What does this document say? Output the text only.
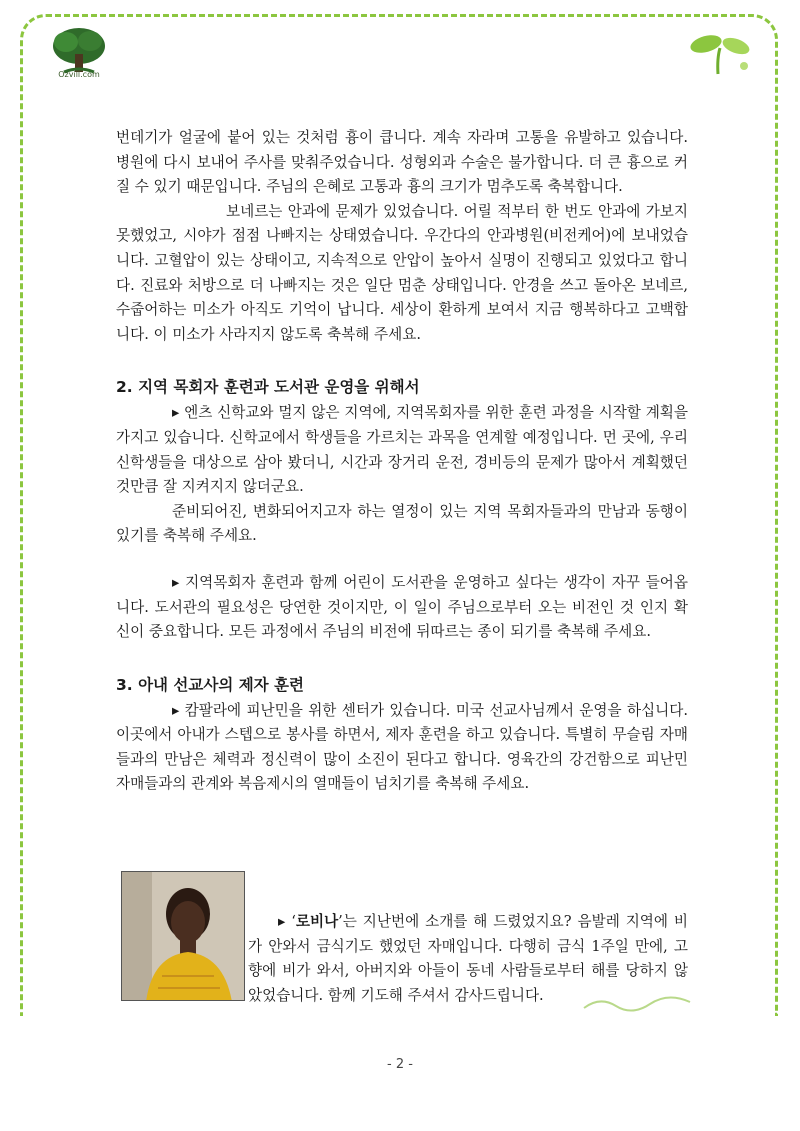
Ozvill.com

번데기가 얼굴에 붙어 있는 것처럼 흉이 큽니다. 계속 자라며 고통을 유발하고 있습니다. 병원에 다시 보내어 주사를 맞춰주었습니다. 성형외과 수술은 불가합니다. 더 큰 흉으로 커질 수 있기 때문입니다. 주님의 은혜로 고통과 흉의 크기가 멈추도록 축복합니다.

보네르는 안과에 문제가 있었습니다. 어릴 적부터 한 번도 안과에 가보지 못했었고, 시야가 점점 나빠지는 상태였습니다. 우간다의 안과병원(비전케어)에 보내었습니다. 고혈압이 있는 상태이고, 지속적으로 안압이 높아서 실명이 진행되고 있었다고 합니다. 진료와 처방으로 더 나빠지는 것은 일단 멈춘 상태입니다. 안경을 쓰고 돌아온 보네르, 수줍어하는 미소가 아직도 기억이 납니다. 세상이 환하게 보여서 지금 행복하다고 고백합니다. 이 미소가 사라지지 않도록 축복해 주세요.

2. 지역 목회자 훈련과 도서관 운영을 위해서

▸ 엔츠 신학교와 멀지 않은 지역에, 지역목회자를 위한 훈련 과정을 시작할 계획을 가지고 있습니다. 신학교에서 학생들을 가르치는 과목을 연계할 예정입니다. 먼 곳에, 우리 신학생들을 대상으로 삼아 봤더니, 시간과 장거리 운전, 경비등의 문제가 많아서 계획했던 것만큼 잘 지켜지지 않더군요.

준비되어진, 변화되어지고자 하는 열정이 있는 지역 목회자들과의 만남과 동행이 있기를 축복해 주세요.

▸ 지역목회자 훈련과 함께 어린이 도서관을 운영하고 싶다는 생각이 자꾸 들어옵니다. 도서관의 필요성은 당연한 것이지만, 이 일이 주님으로부터 오는 비전인 것 인지 확신이 중요합니다. 모든 과정에서 주님의 비전에 뒤따르는 종이 되기를 축복해 주세요.

3. 아내 선교사의 제자 훈련

▸ 캄팔라에 피난민을 위한 센터가 있습니다. 미국 선교사님께서 운영을 하십니다. 이곳에서 아내가 스텝으로 봉사를 하면서, 제자 훈련을 하고 있습니다. 특별히 무슬림 자매들과의 만남은 체력과 정신력이 많이 소진이 된다고 합니다. 영육간의 강건함으로 피난민 자매들과의 관계와 복음제시의 열매들이 넘치기를 축복해 주세요.

▸ ‘로비나’는 지난번에 소개를 해 드렸었지요? 음발레 지역에 비가 안와서 금식기도 했었던 자매입니다. 다행히 금식 1주일 만에, 고향에 비가 와서, 아버지와 아들이 동네 사람들로부터 해를 당하지 않았었습니다. 함께 기도해 주셔서 감사드립니다.
- 2 -
